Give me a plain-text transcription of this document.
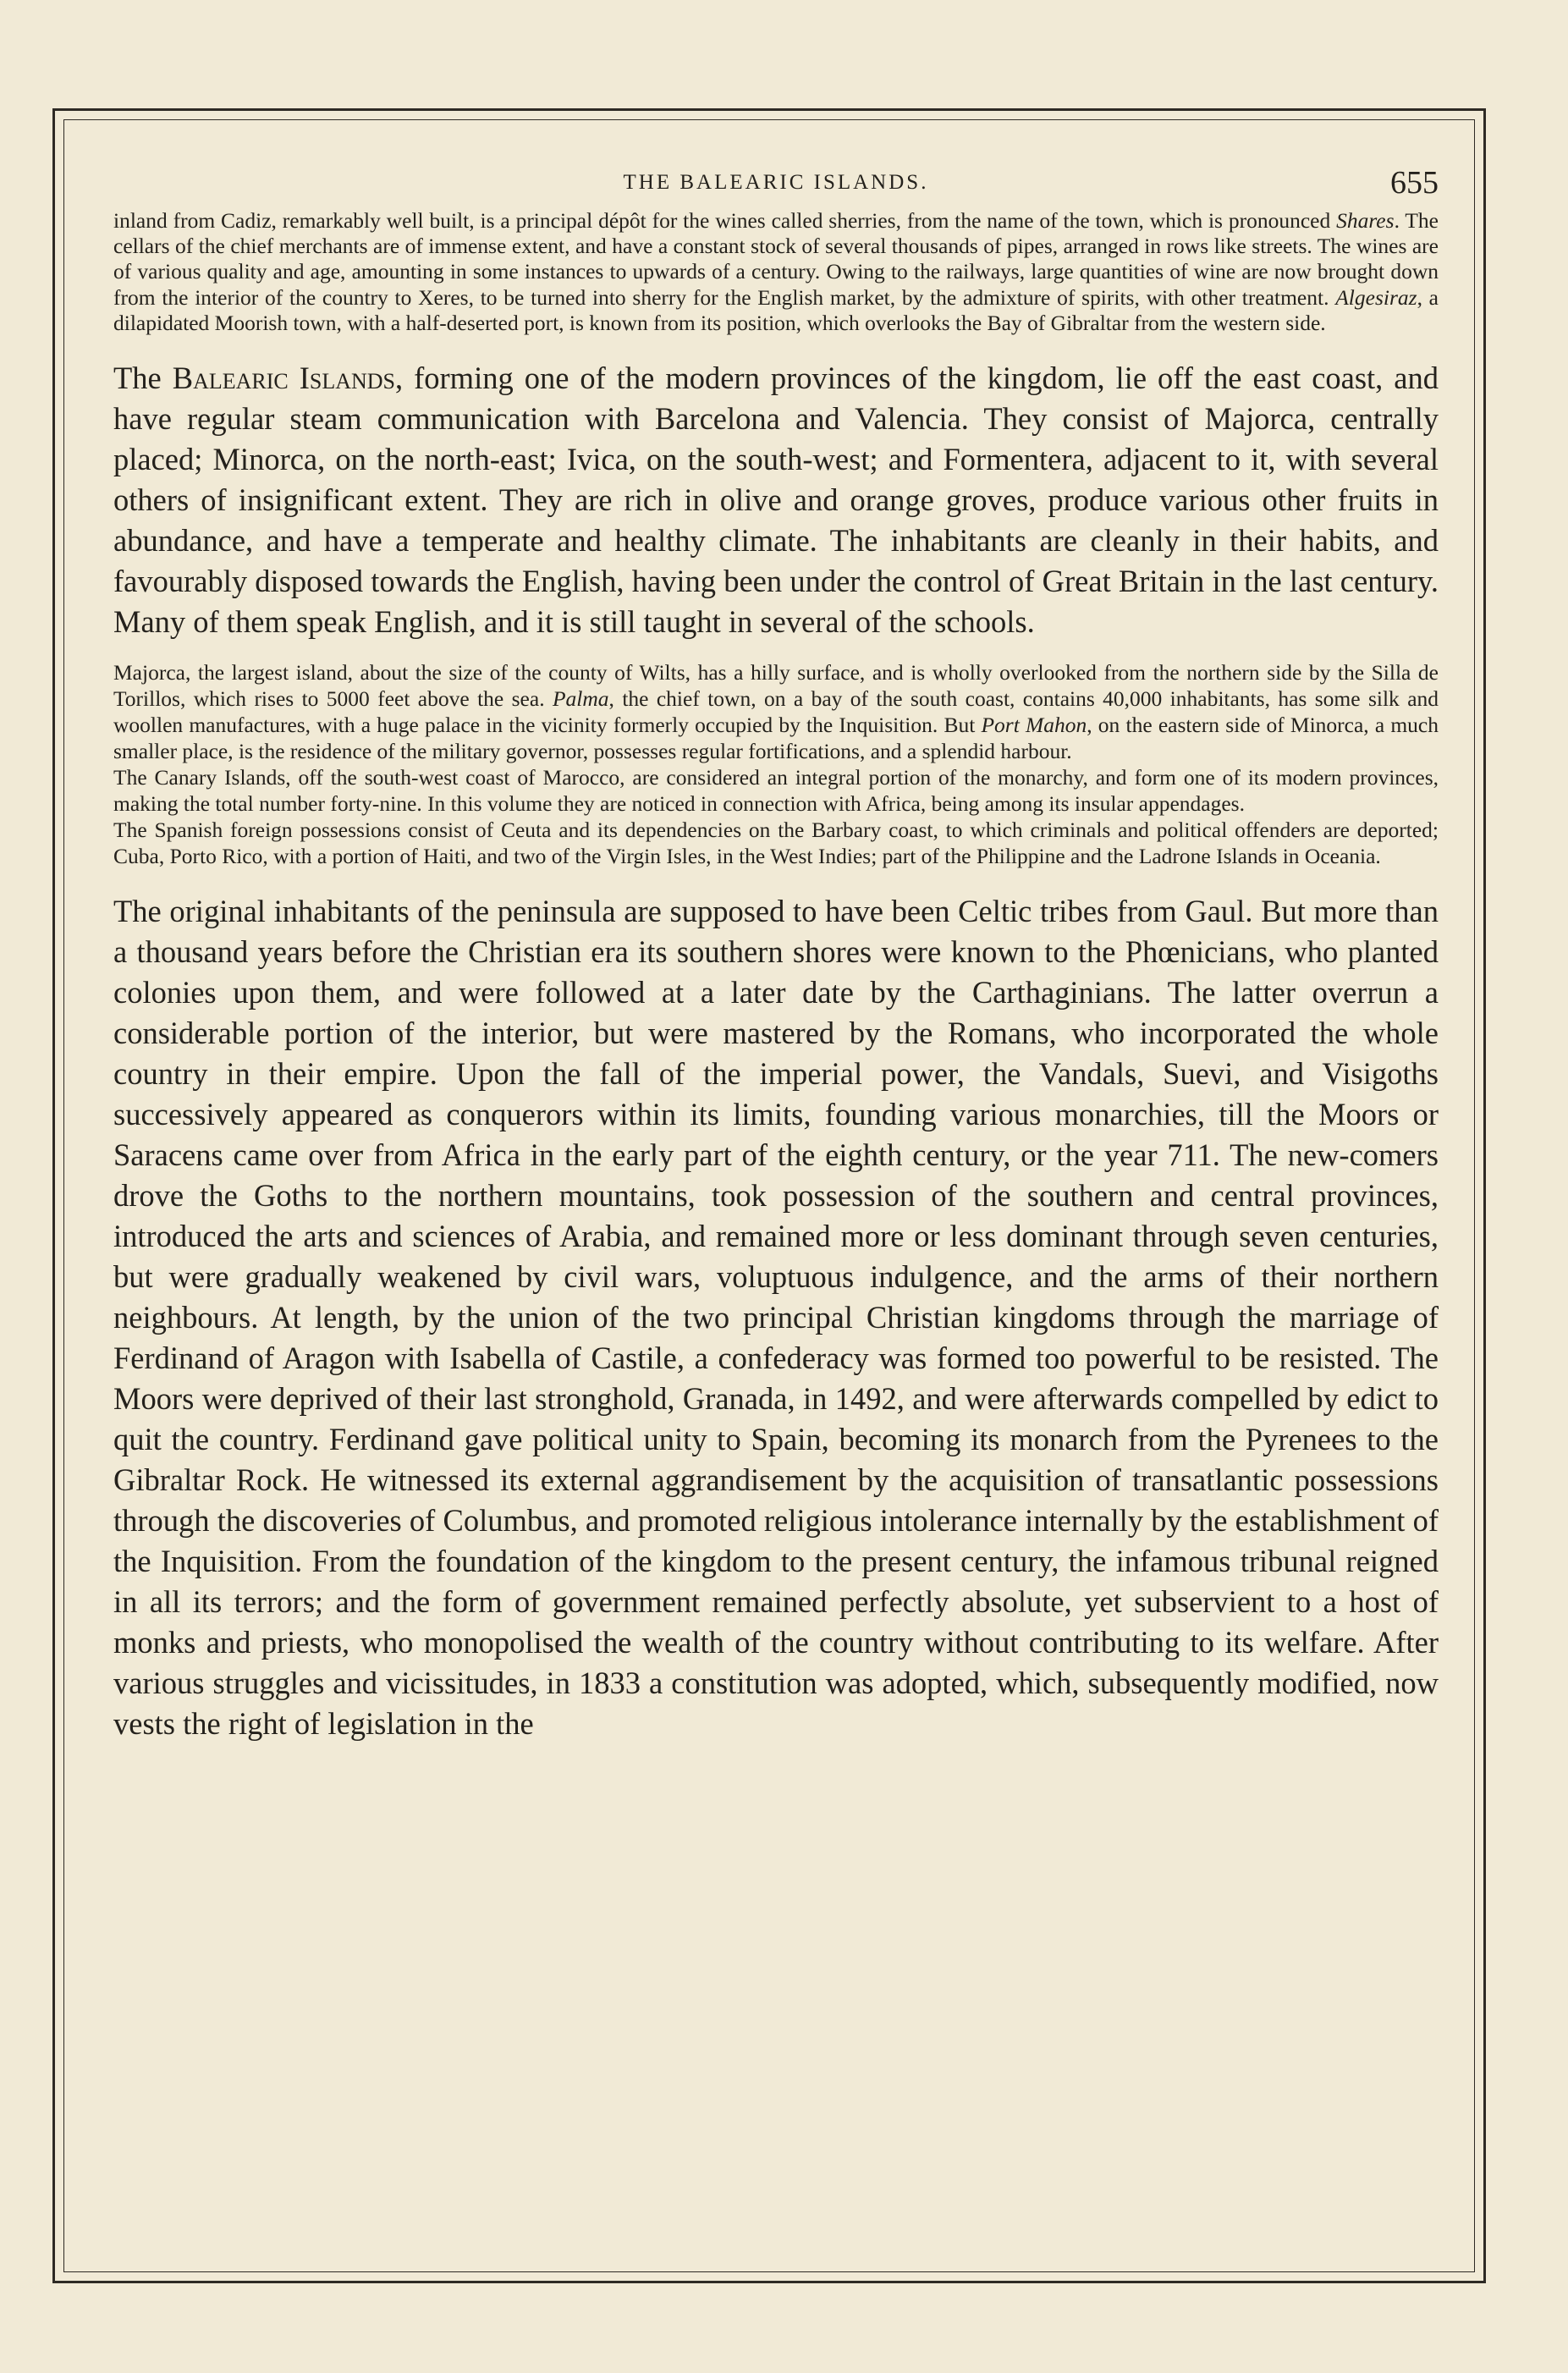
THE BALEARIC ISLANDS.	655

inland from Cadiz, remarkably well built, is a principal dépôt for the wines called sherries, from the name of the town, which is pronounced Shares. The cellars of the chief merchants are of immense extent, and have a constant stock of several thousands of pipes, arranged in rows like streets. The wines are of various quality and age, amounting in some instances to upwards of a century. Owing to the railways, large quantities of wine are now brought down from the interior of the country to Xeres, to be turned into sherry for the English market, by the admixture of spirits, with other treatment. Algesiraz, a dilapidated Moorish town, with a half-deserted port, is known from its position, which overlooks the Bay of Gibraltar from the western side.

The Balearic Islands, forming one of the modern provinces of the kingdom, lie off the east coast, and have regular steam communication with Barcelona and Valencia. They consist of Majorca, centrally placed; Minorca, on the north-east; Ivica, on the south-west; and Formentera, adjacent to it, with several others of insignificant extent. They are rich in olive and orange groves, produce various other fruits in abundance, and have a temperate and healthy climate. The inhabitants are cleanly in their habits, and favourably disposed towards the English, having been under the control of Great Britain in the last century. Many of them speak English, and it is still taught in several of the schools.

Majorca, the largest island, about the size of the county of Wilts, has a hilly surface, and is wholly overlooked from the northern side by the Silla de Torillos, which rises to 5000 feet above the sea. Palma, the chief town, on a bay of the south coast, contains 40,000 inhabitants, has some silk and woollen manufactures, with a huge palace in the vicinity formerly occupied by the Inquisition. But Port Mahon, on the eastern side of Minorca, a much smaller place, is the residence of the military governor, possesses regular fortifications, and a splendid harbour.

The Canary Islands, off the south-west coast of Marocco, are considered an integral portion of the monarchy, and form one of its modern provinces, making the total number forty-nine. In this volume they are noticed in connection with Africa, being among its insular appendages.

The Spanish foreign possessions consist of Ceuta and its dependencies on the Barbary coast, to which criminals and political offenders are deported; Cuba, Porto Rico, with a portion of Haiti, and two of the Virgin Isles, in the West Indies; part of the Philippine and the Ladrone Islands in Oceania.

The original inhabitants of the peninsula are supposed to have been Celtic tribes from Gaul. But more than a thousand years before the Christian era its southern shores were known to the Phœnicians, who planted colonies upon them, and were followed at a later date by the Carthaginians. The latter overrun a considerable portion of the interior, but were mastered by the Romans, who incorporated the whole country in their empire. Upon the fall of the imperial power, the Vandals, Suevi, and Visigoths successively appeared as conquerors within its limits, founding various monarchies, till the Moors or Saracens came over from Africa in the early part of the eighth century, or the year 711. The new-comers drove the Goths to the northern mountains, took possession of the southern and central provinces, introduced the arts and sciences of Arabia, and remained more or less dominant through seven centuries, but were gradually weakened by civil wars, voluptuous indulgence, and the arms of their northern neighbours. At length, by the union of the two principal Christian kingdoms through the marriage of Ferdinand of Aragon with Isabella of Castile, a confederacy was formed too powerful to be resisted. The Moors were deprived of their last stronghold, Granada, in 1492, and were afterwards compelled by edict to quit the country. Ferdinand gave political unity to Spain, becoming its monarch from the Pyrenees to the Gibraltar Rock. He witnessed its external aggrandisement by the acquisition of transatlantic possessions through the discoveries of Columbus, and promoted religious intolerance internally by the establishment of the Inquisition. From the foundation of the kingdom to the present century, the infamous tribunal reigned in all its terrors; and the form of government remained perfectly absolute, yet subservient to a host of monks and priests, who monopolised the wealth of the country without contributing to its welfare. After various struggles and vicissitudes, in 1833 a constitution was adopted, which, subsequently modified, now vests the right of legislation in the
